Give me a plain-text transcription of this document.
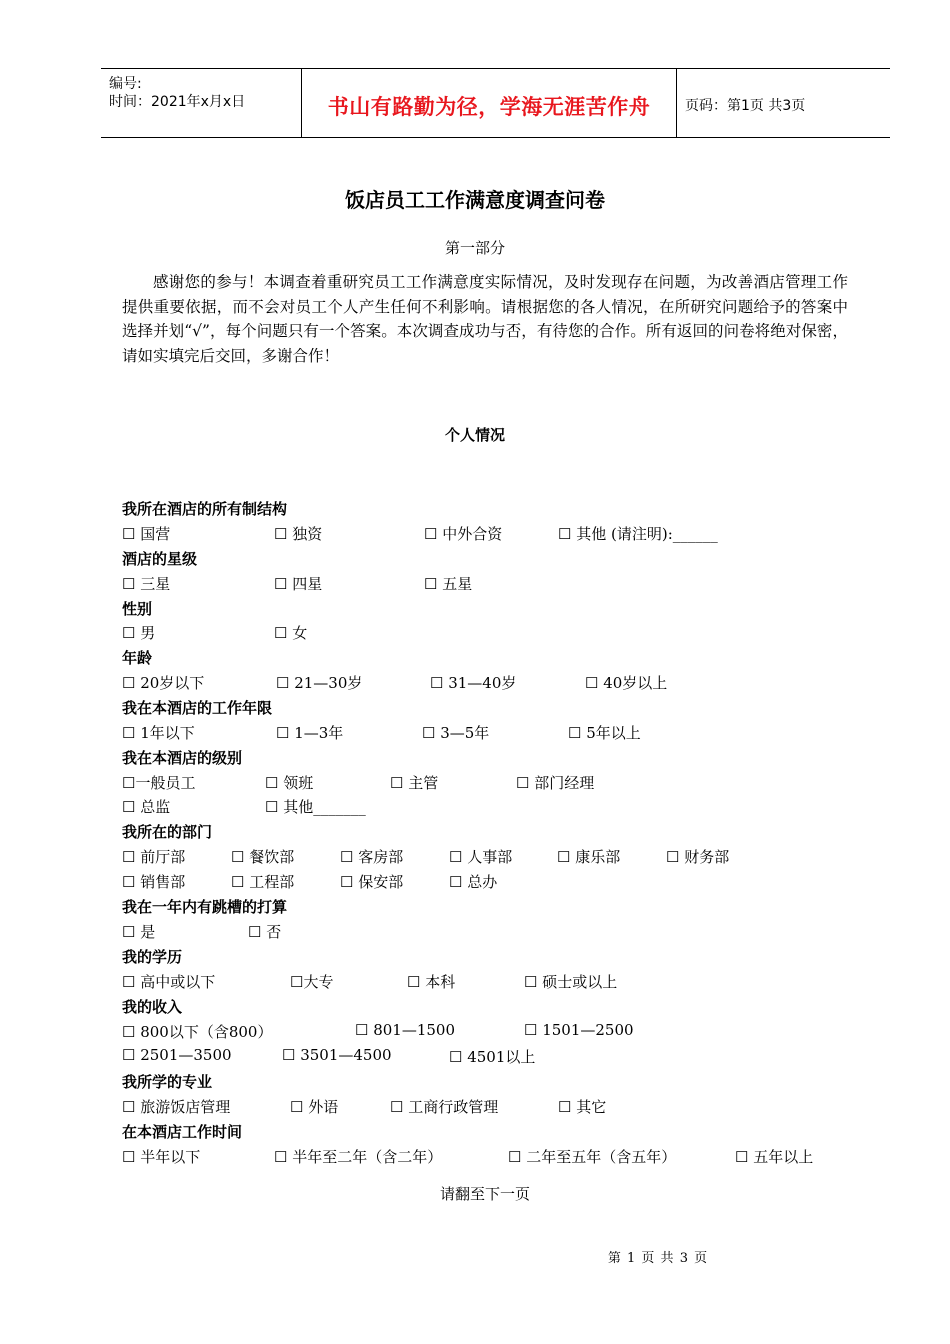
编号:
时间：2021年x月x日	书山有路勤为径，学海无涯苦作舟	页码：第1页 共3页
饭店员工工作满意度调查问卷
第一部分
感谢您的参与！本调查着重研究员工工作满意度实际情况，及时发现存在问题，为改善酒店管理工作提供重要依据，而不会对员工个人产生任何不利影响。请根据您的各人情况，在所研究问题给予的答案中选择并划“√”，每个问题只有一个答案。本次调查成功与否，有待您的合作。所有返回的问卷将绝对保密，请如实填完后交回，多谢合作！
个人情况
我所在酒店的所有制结构
☐ 国营	☐ 独资	☐ 中外合资	☐ 其他 (请注明):______
酒店的星级
☐ 三星	☐ 四星	☐ 五星
性别
☐ 男	☐ 女
年龄
☐ 20岁以下	☐ 21—30岁	☐ 31—40岁	☐ 40岁以上
我在本酒店的工作年限
☐ 1年以下	☐ 1—3年	☐ 3—5年	☐ 5年以上
我在本酒店的级别
☐一般员工	☐ 领班	☐ 主管	☐ 部门经理
☐ 总监	☐ 其他_______
我所在的部门
☐ 前厅部	☐ 餐饮部	☐ 客房部	☐ 人事部	☐ 康乐部	☐ 财务部
☐ 销售部	☐ 工程部	☐ 保安部	☐ 总办
我在一年内有跳槽的打算
☐ 是	☐ 否
我的学历
☐ 高中或以下	☐大专	☐ 本科	☐ 硕士或以上
我的收入
☐ 800以下（含800）	☐ 801—1500	☐ 1501—2500
☐ 2501—3500	☐ 3501—4500	☐ 4501以上
我所学的专业
☐ 旅游饭店管理	☐ 外语	☐ 工商行政管理	☐ 其它
在本酒店工作时间
☐ 半年以下	☐ 半年至二年（含二年）	☐ 二年至五年（含五年）	☐ 五年以上
请翻至下一页
第 1 页 共 3 页
